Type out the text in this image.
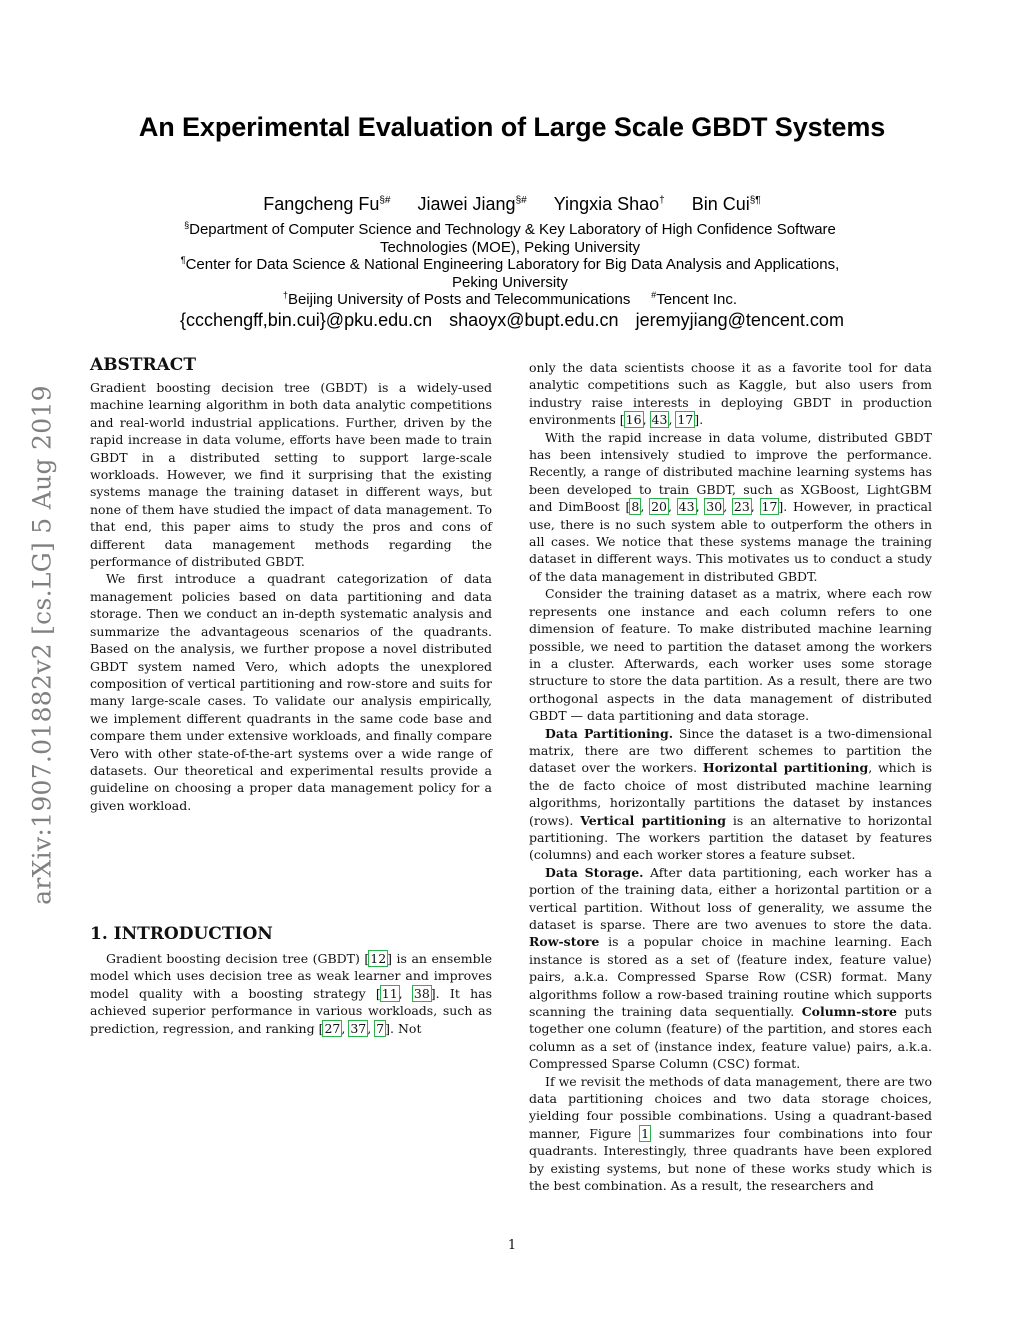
An Experimental Evaluation of Large Scale GBDT Systems
Fangcheng Fu§# Jiawei Jiang§# Yingxia Shao† Bin Cui§¶
§Department of Computer Science and Technology & Key Laboratory of High Confidence Software
Technologies (MOE), Peking University
¶Center for Data Science & National Engineering Laboratory for Big Data Analysis and Applications,
Peking University
†Beijing University of Posts and Telecommunications #Tencent Inc.
{ccchengff,bin.cui}@pku.edu.cn shaoyx@bupt.edu.cn jeremyjiang@tencent.com
arXiv:1907.01882v2 [cs.LG] 5 Aug 2019
ABSTRACT

Gradient boosting decision tree (GBDT) is a widely-used machine learning algorithm in both data analytic competitions and real-world industrial applications. Further, driven by the rapid increase in data volume, efforts have been made to train GBDT in a distributed setting to support large-scale workloads. However, we find it surprising that the existing systems manage the training dataset in different ways, but none of them have studied the impact of data management. To that end, this paper aims to study the pros and cons of different data management methods regarding the performance of distributed GBDT.

We first introduce a quadrant categorization of data management policies based on data partitioning and data storage. Then we conduct an in-depth systematic analysis and summarize the advantageous scenarios of the quadrants. Based on the analysis, we further propose a novel distributed GBDT system named Vero, which adopts the unexplored composition of vertical partitioning and row-store and suits for many large-scale cases. To validate our analysis empirically, we implement different quadrants in the same code base and compare them under extensive workloads, and finally compare Vero with other state-of-the-art systems over a wide range of datasets. Our theoretical and experimental results provide a guideline on choosing a proper data management policy for a given workload.

1. INTRODUCTION

Gradient boosting decision tree (GBDT) [12] is an ensemble model which uses decision tree as weak learner and improves model quality with a boosting strategy [11, 38]. It has achieved superior performance in various workloads, such as prediction, regression, and ranking [27, 37, 7]. Not

only the data scientists choose it as a favorite tool for data analytic competitions such as Kaggle, but also users from industry raise interests in deploying GBDT in production environments [16, 43, 17].

With the rapid increase in data volume, distributed GBDT has been intensively studied to improve the performance. Recently, a range of distributed machine learning systems has been developed to train GBDT, such as XGBoost, LightGBM and DimBoost [8, 20, 43, 30, 23, 17]. However, in practical use, there is no such system able to outperform the others in all cases. We notice that these systems manage the training dataset in different ways. This motivates us to conduct a study of the data management in distributed GBDT.

Consider the training dataset as a matrix, where each row represents one instance and each column refers to one dimension of feature. To make distributed machine learning possible, we need to partition the dataset among the workers in a cluster. Afterwards, each worker uses some storage structure to store the data partition. As a result, there are two orthogonal aspects in the data management of distributed GBDT — data partitioning and data storage.

Data Partitioning. Since the dataset is a two-dimensional matrix, there are two different schemes to partition the dataset over the workers. Horizontal partitioning, which is the de facto choice of most distributed machine learning algorithms, horizontally partitions the dataset by instances (rows). Vertical partitioning is an alternative to horizontal partitioning. The workers partition the dataset by features (columns) and each worker stores a feature subset.

Data Storage. After data partitioning, each worker has a portion of the training data, either a horizontal partition or a vertical partition. Without loss of generality, we assume the dataset is sparse. There are two avenues to store the data. Row-store is a popular choice in machine learning. Each instance is stored as a set of ⟨feature index, feature value⟩pairs, a.k.a. Compressed Sparse Row (CSR) format. Many algorithms follow a row-based training routine which supports scanning the training data sequentially. Column-store puts together one column (feature) of the partition, and stores each column as a set of ⟨instance index, feature value⟩ pairs, a.k.a. Compressed Sparse Column (CSC) format.

If we revisit the methods of data management, there are two data partitioning choices and two data storage choices, yielding four possible combinations. Using a quadrant-based manner, Figure 1 summarizes four combinations into four quadrants. Interestingly, three quadrants have been explored by existing systems, but none of these works study which is the best combination. As a result, the researchers and

1
